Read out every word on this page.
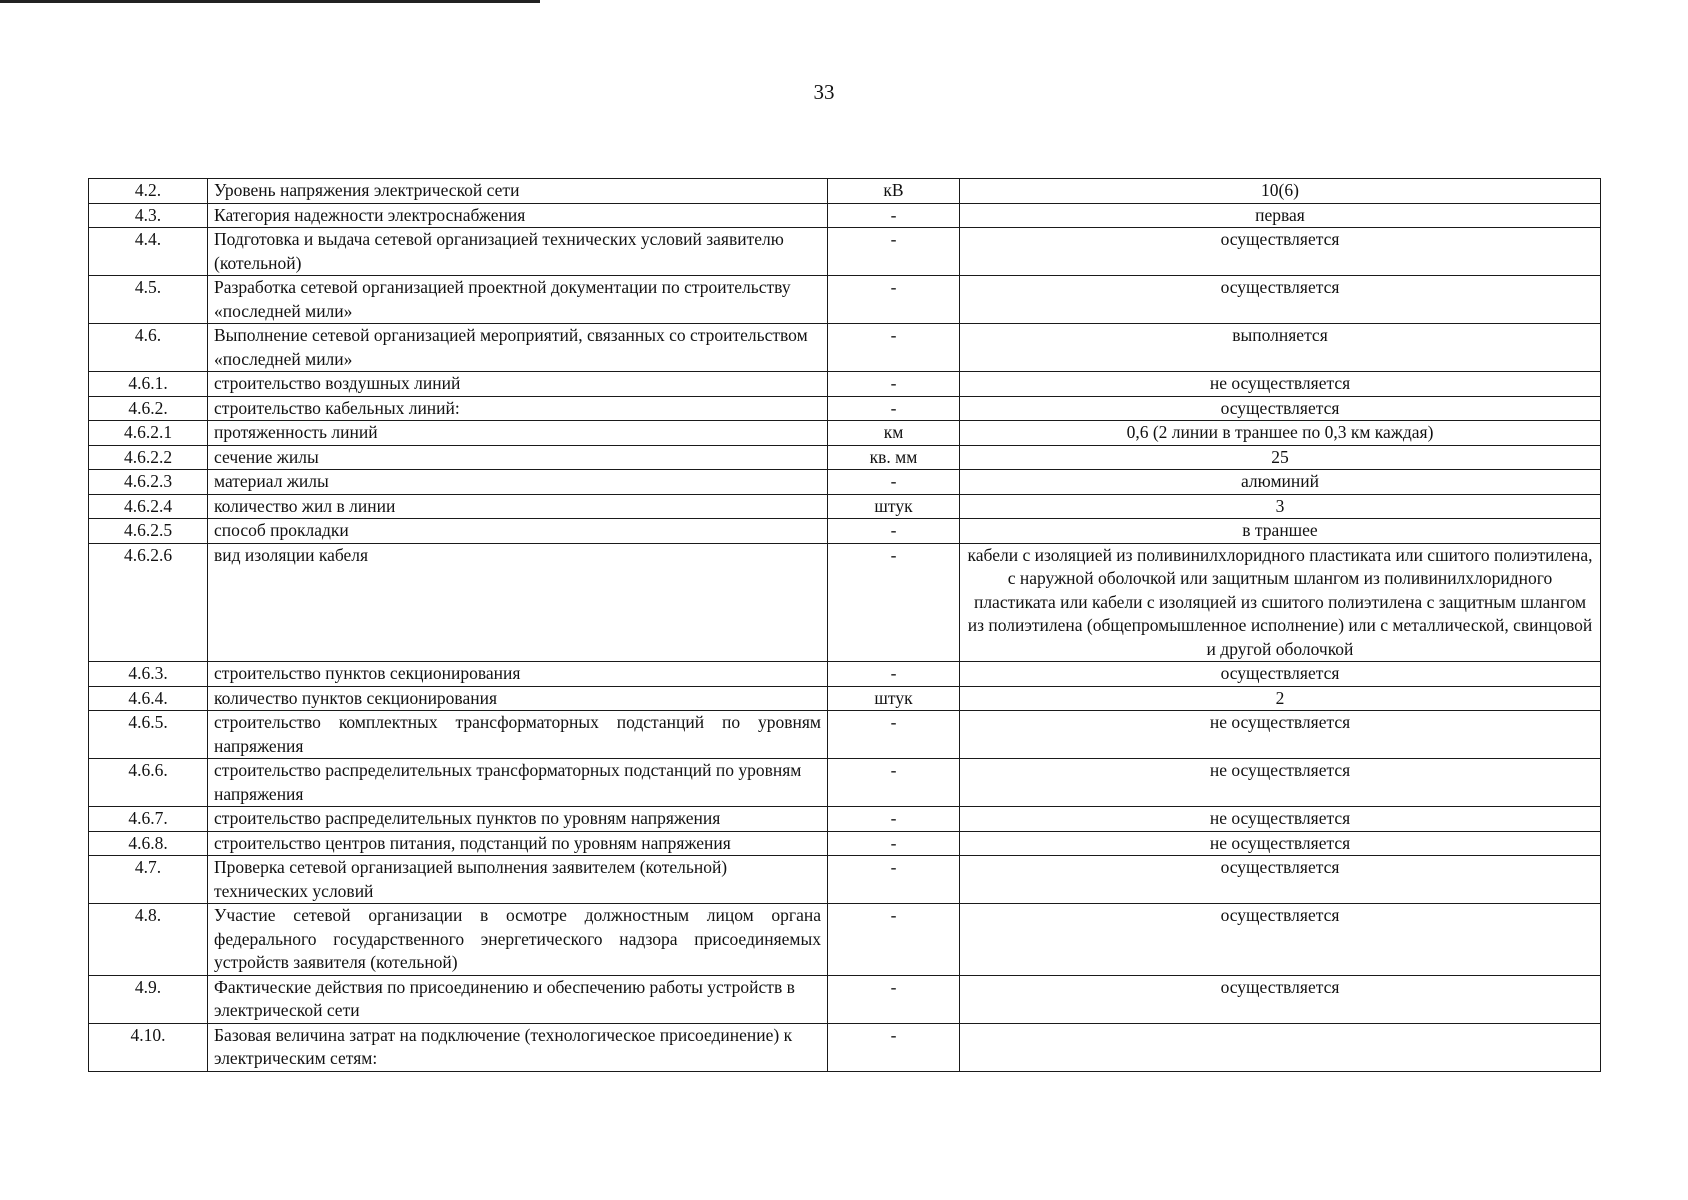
33
4.2.	Уровень напряжения электрической сети	кВ	10(6)
4.3.	Категория надежности электроснабжения	-	первая
4.4.	Подготовка и выдача сетевой организацией технических условий заявителю (котельной)	-	осуществляется
4.5.	Разработка сетевой организацией проектной документации по строительству «последней мили»	-	осуществляется
4.6.	Выполнение сетевой организацией мероприятий, связанных со строительством «последней мили»	-	выполняется
4.6.1.	строительство воздушных линий	-	не осуществляется
4.6.2.	строительство кабельных линий:	-	осуществляется
4.6.2.1	протяженность линий	км	0,6 (2 линии в траншее по 0,3 км каждая)
4.6.2.2	сечение жилы	кв. мм	25
4.6.2.3	материал жилы	-	алюминий
4.6.2.4	количество жил в линии	штук	3
4.6.2.5	способ прокладки	-	в траншее
4.6.2.6	вид изоляции кабеля	-	кабели с изоляцией из поливинилхлоридного пластиката или сшитого полиэтилена, с наружной оболочкой или защитным шлангом из поливинилхлоридного пластиката или кабели с изоляцией из сшитого полиэтилена с защитным шлангом из полиэтилена (общепромышленное исполнение) или с металлической, свинцовой и другой оболочкой
4.6.3.	строительство пунктов секционирования	-	осуществляется
4.6.4.	количество пунктов секционирования	штук	2
4.6.5.	строительство комплектных трансформаторных подстанций по уровням напряжения	-	не осуществляется
4.6.6.	строительство распределительных трансформаторных подстанций по уровням напряжения	-	не осуществляется
4.6.7.	строительство распределительных пунктов по уровням напряжения	-	не осуществляется
4.6.8.	строительство центров питания, подстанций по уровням напряжения	-	не осуществляется
4.7.	Проверка сетевой организацией выполнения заявителем (котельной) технических условий	-	осуществляется
4.8.	Участие сетевой организации в осмотре должностным лицом органа федерального государственного энергетического надзора присоединяемых устройств заявителя (котельной)	-	осуществляется
4.9.	Фактические действия по присоединению и обеспечению работы устройств в электрической сети	-	осуществляется
4.10.	Базовая величина затрат на подключение (технологическое присоединение) к электрическим сетям:	-	
